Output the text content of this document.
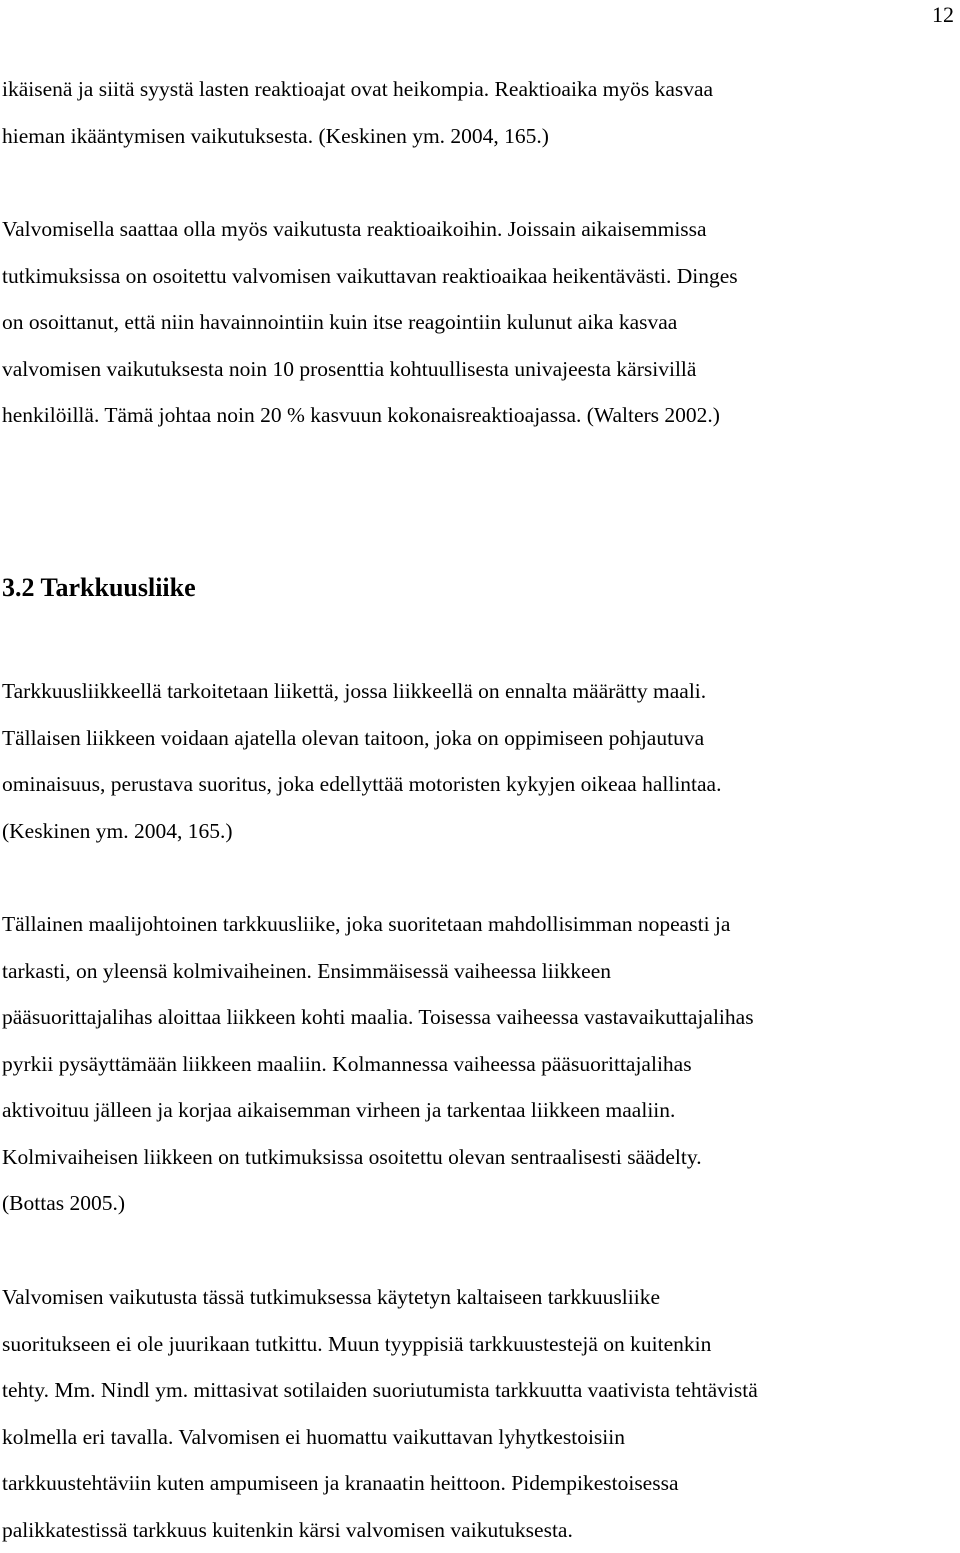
12
ikäisenä ja siitä syystä lasten reaktioajat ovat heikompia. Reaktioaika myös kasvaa
hieman ikääntymisen vaikutuksesta. (Keskinen ym. 2004, 165.)
Valvomisella saattaa olla myös vaikutusta reaktioaikoihin. Joissain aikaisemmissa
tutkimuksissa on osoitettu valvomisen vaikuttavan reaktioaikaa heikentävästi. Dinges
on osoittanut, että niin havainnointiin kuin itse reagointiin kulunut aika kasvaa
valvomisen vaikutuksesta noin 10 prosenttia kohtuullisesta univajeesta kärsivillä
henkilöillä. Tämä johtaa noin 20 % kasvuun kokonaisreaktioajassa. (Walters 2002.)
3.2 Tarkkuusliike
Tarkkuusliikkeellä tarkoitetaan liikettä, jossa liikkeellä on ennalta määrätty maali.
Tällaisen liikkeen voidaan ajatella olevan taitoon, joka on oppimiseen pohjautuva
ominaisuus, perustava suoritus, joka edellyttää motoristen kykyjen oikeaa hallintaa.
(Keskinen ym. 2004, 165.)
Tällainen maalijohtoinen tarkkuusliike, joka suoritetaan mahdollisimman nopeasti ja
tarkasti, on yleensä kolmivaiheinen. Ensimmäisessä vaiheessa liikkeen
pääsuorittajalihas aloittaa liikkeen kohti maalia. Toisessa vaiheessa vastavaikuttajalihas
pyrkii pysäyttämään liikkeen maaliin. Kolmannessa vaiheessa pääsuorittajalihas
aktivoituu jälleen ja korjaa aikaisemman virheen ja tarkentaa liikkeen maaliin.
Kolmivaiheisen liikkeen on tutkimuksissa osoitettu olevan sentraalisesti säädelty.
(Bottas 2005.)
Valvomisen vaikutusta tässä tutkimuksessa käytetyn kaltaiseen tarkkuusliike
suoritukseen ei ole juurikaan tutkittu. Muun tyyppisiä tarkkuustestejä on kuitenkin
tehty. Mm. Nindl ym. mittasivat sotilaiden suoriutumista tarkkuutta vaativista tehtävistä
kolmella eri tavalla. Valvomisen ei huomattu vaikuttavan lyhytkestoisiin
tarkkuustehtäviin kuten ampumiseen ja kranaatin heittoon. Pidempikestoisessa
palikkatestissä tarkkuus kuitenkin kärsi valvomisen vaikutuksesta.
